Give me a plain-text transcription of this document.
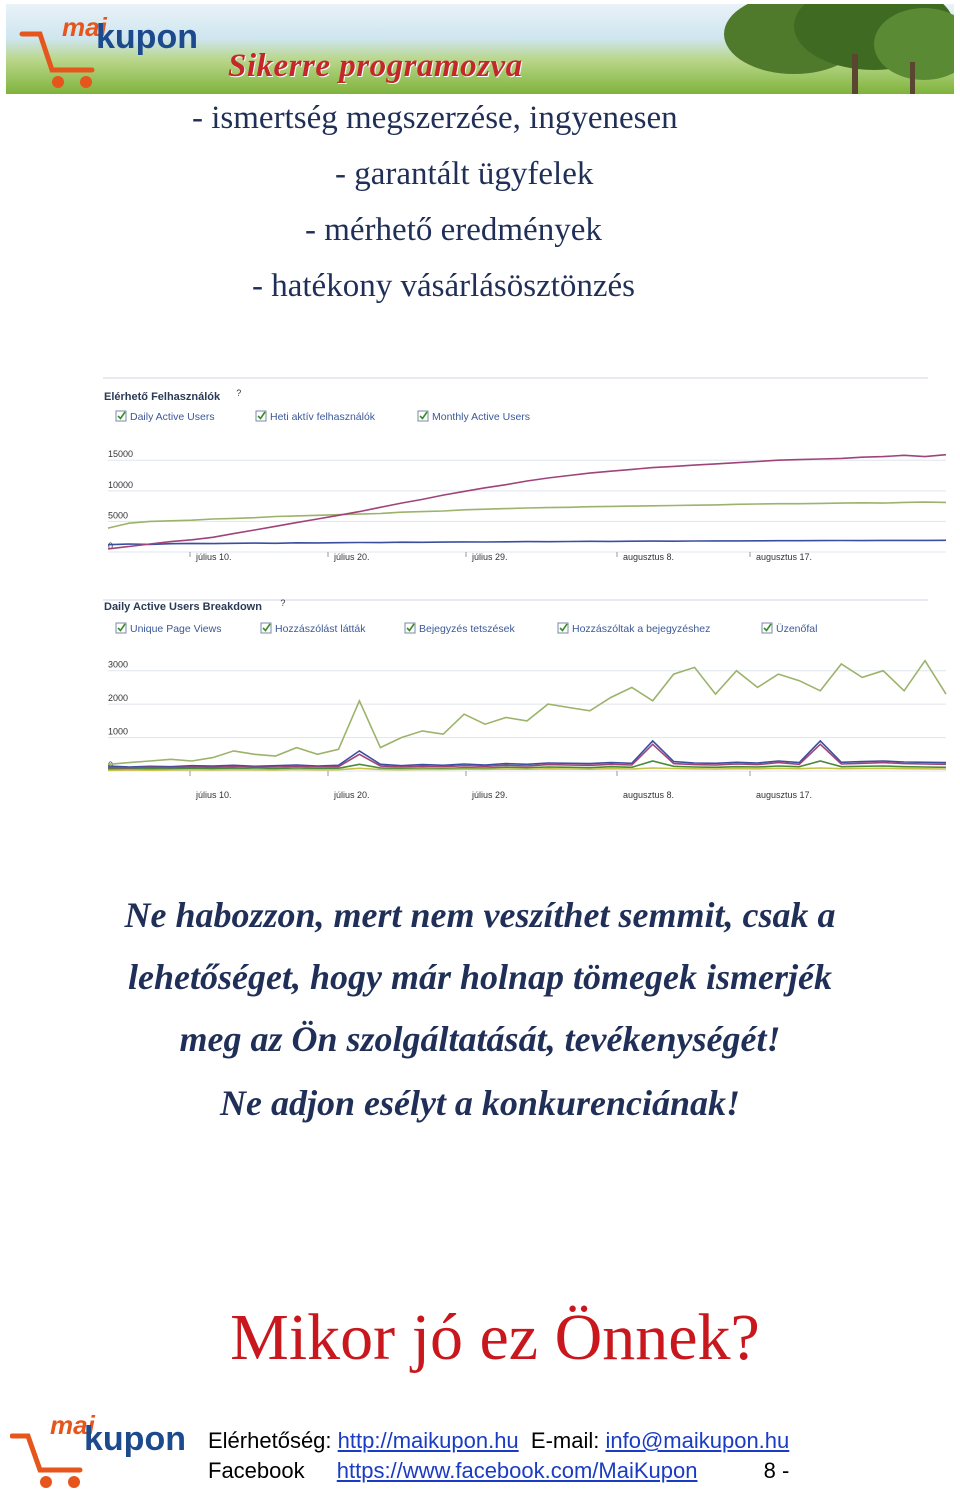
mai
kupon
Sikerre programozva
- ismertség megszerzése, ingyenesen
- garantált ügyfelek
- mérhető eredmények
- hatékony vásárlásösztönzés
Elérhető Felhasználók ?
Daily Active Users	Heti aktív felhasználók	Monthly Active Users
0
5000
10000
15000
július 10.	július 20.	július 29.	augusztus 8.	augusztus 17.
Daily Active Users Breakdown ?
Unique Page Views	Hozzászólást látták	Bejegyzés tetszések	Hozzászóltak a bejegyzéshez	Üzenőfal
0
1000
2000
3000
július 10.	július 20.	július 29.	augusztus 8.	augusztus 17.
Ne habozzon, mert nem veszíthet semmit, csak a
lehetőséget, hogy már holnap tömegek ismerjék
meg az Ön szolgáltatását, tevékenységét!
Ne adjon esélyt a konkurenciának!
Mikor jó ez Önnek?
mai
kupon Elérhetőség: http://maikupon.hu E-mail: info@maikupon.hu
Facebook https://www.facebook.com/MaiKupon	8 -
